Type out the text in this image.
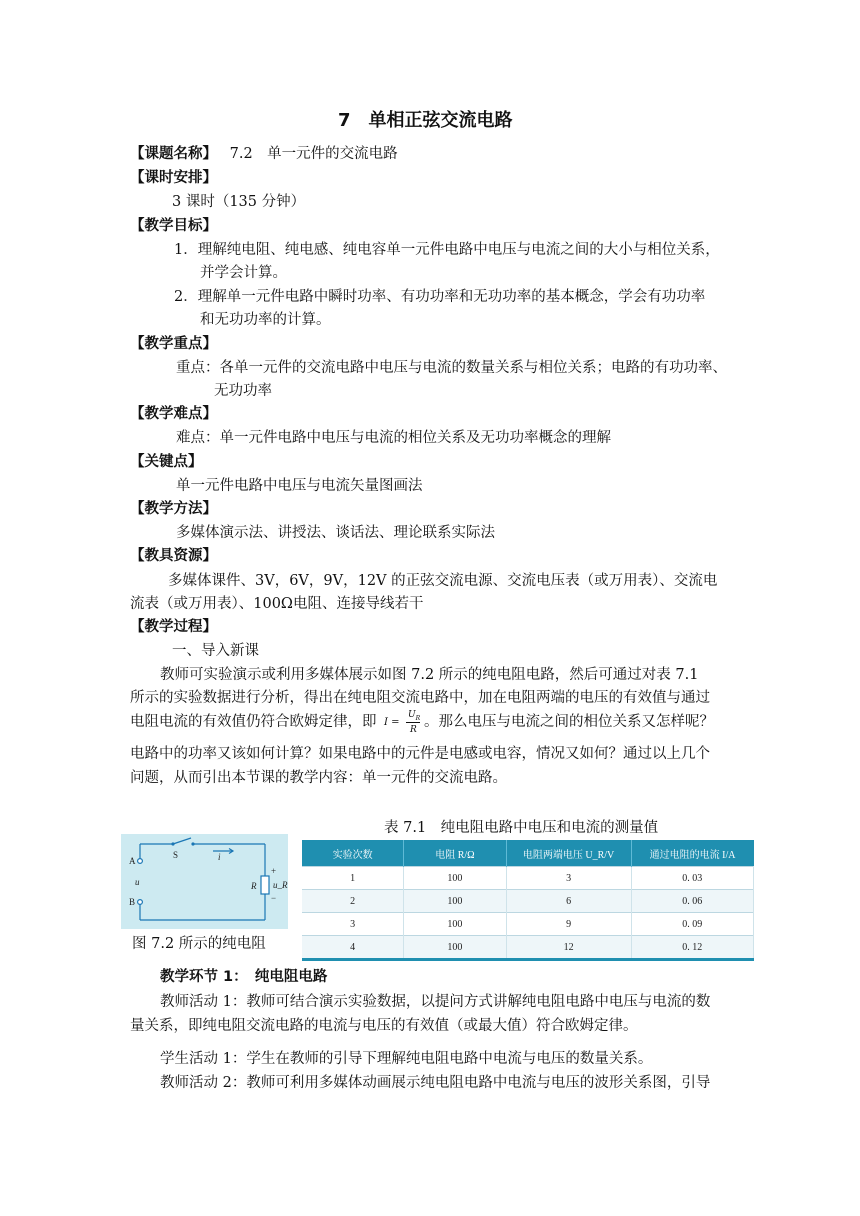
7　单相正弦交流电路
【课题名称】 7.2　单一元件的交流电路
【课时安排】
3 课时（135 分钟）
【教学目标】
1．理解纯电阻、纯电感、纯电容单一元件电路中电压与电流之间的大小与相位关系，
并学会计算。
2．理解单一元件电路中瞬时功率、有功功率和无功功率的基本概念，学会有功功率
和无功功率的计算。
【教学重点】
重点：各单一元件的交流电路中电压与电流的数量关系与相位关系；电路的有功功率、
无功功率
【教学难点】
难点：单一元件电路中电压与电流的相位关系及无功功率概念的理解
【关键点】
单一元件电路中电压与电流矢量图画法
【教学方法】
多媒体演示法、讲授法、谈话法、理论联系实际法
【教具资源】
多媒体课件、3V，6V，9V，12V 的正弦交流电源、交流电压表（或万用表）、交流电
流表（或万用表）、100Ω电阻、连接导线若干
【教学过程】
一、导入新课
教师可实验演示或利用多媒体展示如图 7.2 所示的纯电阻电路，然后可通过对表 7.1
所示的实验数据进行分析，得出在纯电阻交流电路中，加在电阻两端的电压的有效值与通过
电阻电流的有效值仍符合欧姆定律，即 I =
$U_R$
R 。那么电压与电流之间的相位关系又怎样呢？
电路中的功率又该如何计算？如果电路中的元件是电感或电容，情况又如何？通过以上几个
问题，从而引出本节课的教学内容：单一元件的交流电路。
表 7.1　纯电阻电路中电压和电流的测量值
实验次数	电阻 R/Ω	电阻两端电压 U_R/V	通过电阻的电流 I/A
1	100	3	0. 03
2	100	6	0. 06
3	100	9	0. 09
4	100	12	0. 12
A
B
u
S	i
R
+
u_R
−
图 7.2 所示的纯电阻
教学环节 1：　纯电阻电路
教师活动 1：教师可结合演示实验数据，以提问方式讲解纯电阻电路中电压与电流的数
量关系，即纯电阻交流电路的电流与电压的有效值（或最大值）符合欧姆定律。
学生活动 1：学生在教师的引导下理解纯电阻电路中电流与电压的数量关系。
教师活动 2：教师可利用多媒体动画展示纯电阻电路中电流与电压的波形关系图，引导
